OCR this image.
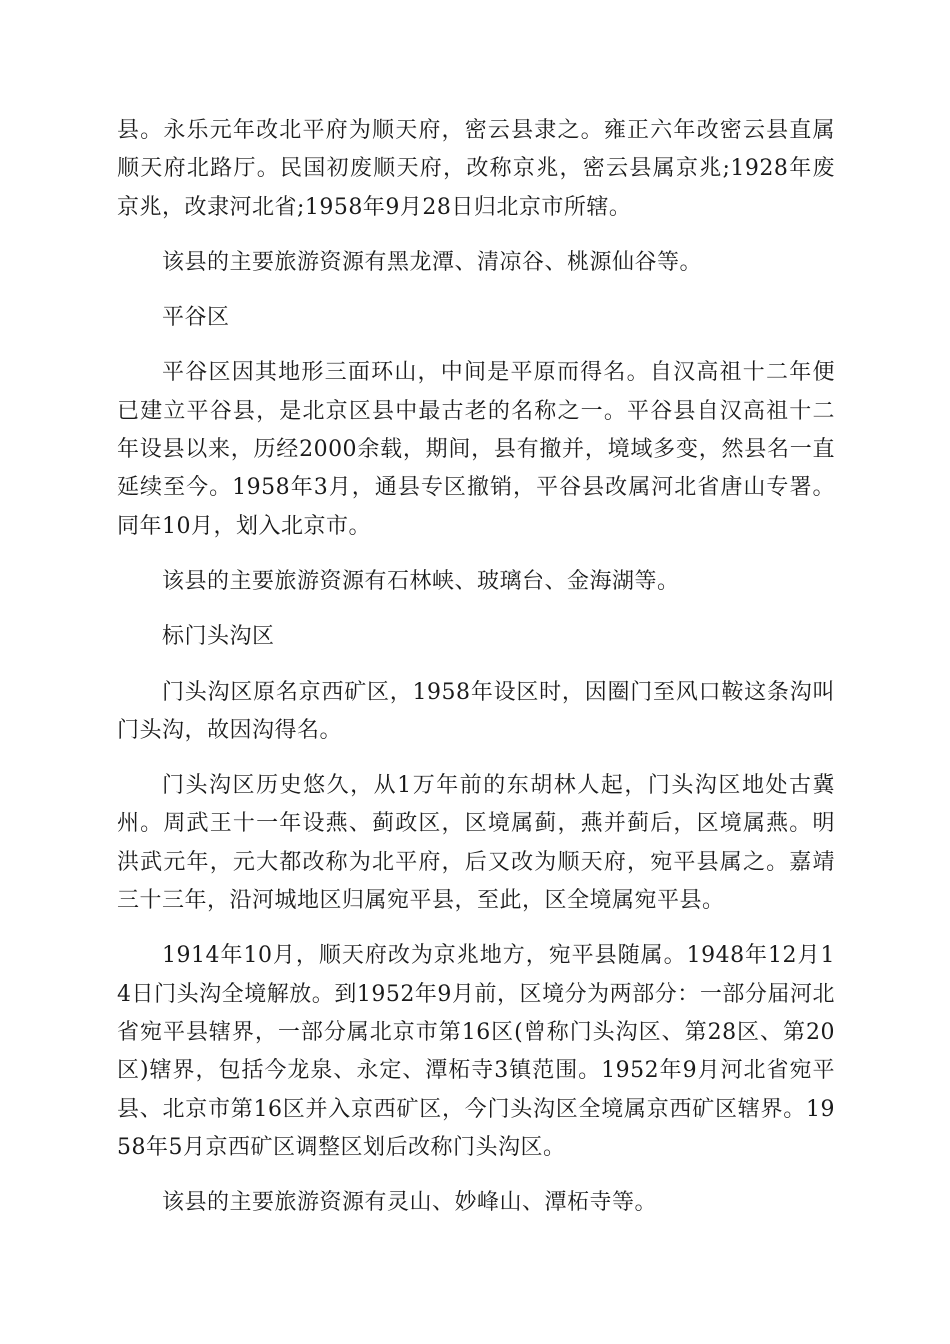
县。永乐元年改北平府为顺天府，密云县隶之。雍正六年改密云县直属顺天府北路厅。民国初废顺天府，改称京兆，密云县属京兆;1928年废京兆，改隶河北省;1958年9月28日归北京市所辖。

该县的主要旅游资源有黑龙潭、清凉谷、桃源仙谷等。

平谷区

平谷区因其地形三面环山，中间是平原而得名。自汉高祖十二年便已建立平谷县，是北京区县中最古老的名称之一。平谷县自汉高祖十二年设县以来，历经2000余载，期间，县有撤并，境域多变，然县名一直延续至今。1958年3月，通县专区撤销，平谷县改属河北省唐山专署。同年10月，划入北京市。

该县的主要旅游资源有石林峡、玻璃台、金海湖等。

标门头沟区

门头沟区原名京西矿区，1958年设区时，因圈门至风口鞍这条沟叫门头沟，故因沟得名。

门头沟区历史悠久，从1万年前的东胡林人起，门头沟区地处古冀州。周武王十一年设燕、蓟政区，区境属蓟，燕并蓟后，区境属燕。明洪武元年，元大都改称为北平府，后又改为顺天府，宛平县属之。嘉靖三十三年，沿河城地区归属宛平县，至此，区全境属宛平县。

1914年10月，顺天府改为京兆地方，宛平县随属。1948年12月14日门头沟全境解放。到1952年9月前，区境分为两部分：一部分届河北省宛平县辖界，一部分属北京市第16区(曾称门头沟区、第28区、第20区)辖界，包括今龙泉、永定、潭柘寺3镇范围。1952年9月河北省宛平县、北京市第16区并入京西矿区，今门头沟区全境属京西矿区辖界。1958年5月京西矿区调整区划后改称门头沟区。

该县的主要旅游资源有灵山、妙峰山、潭柘寺等。
